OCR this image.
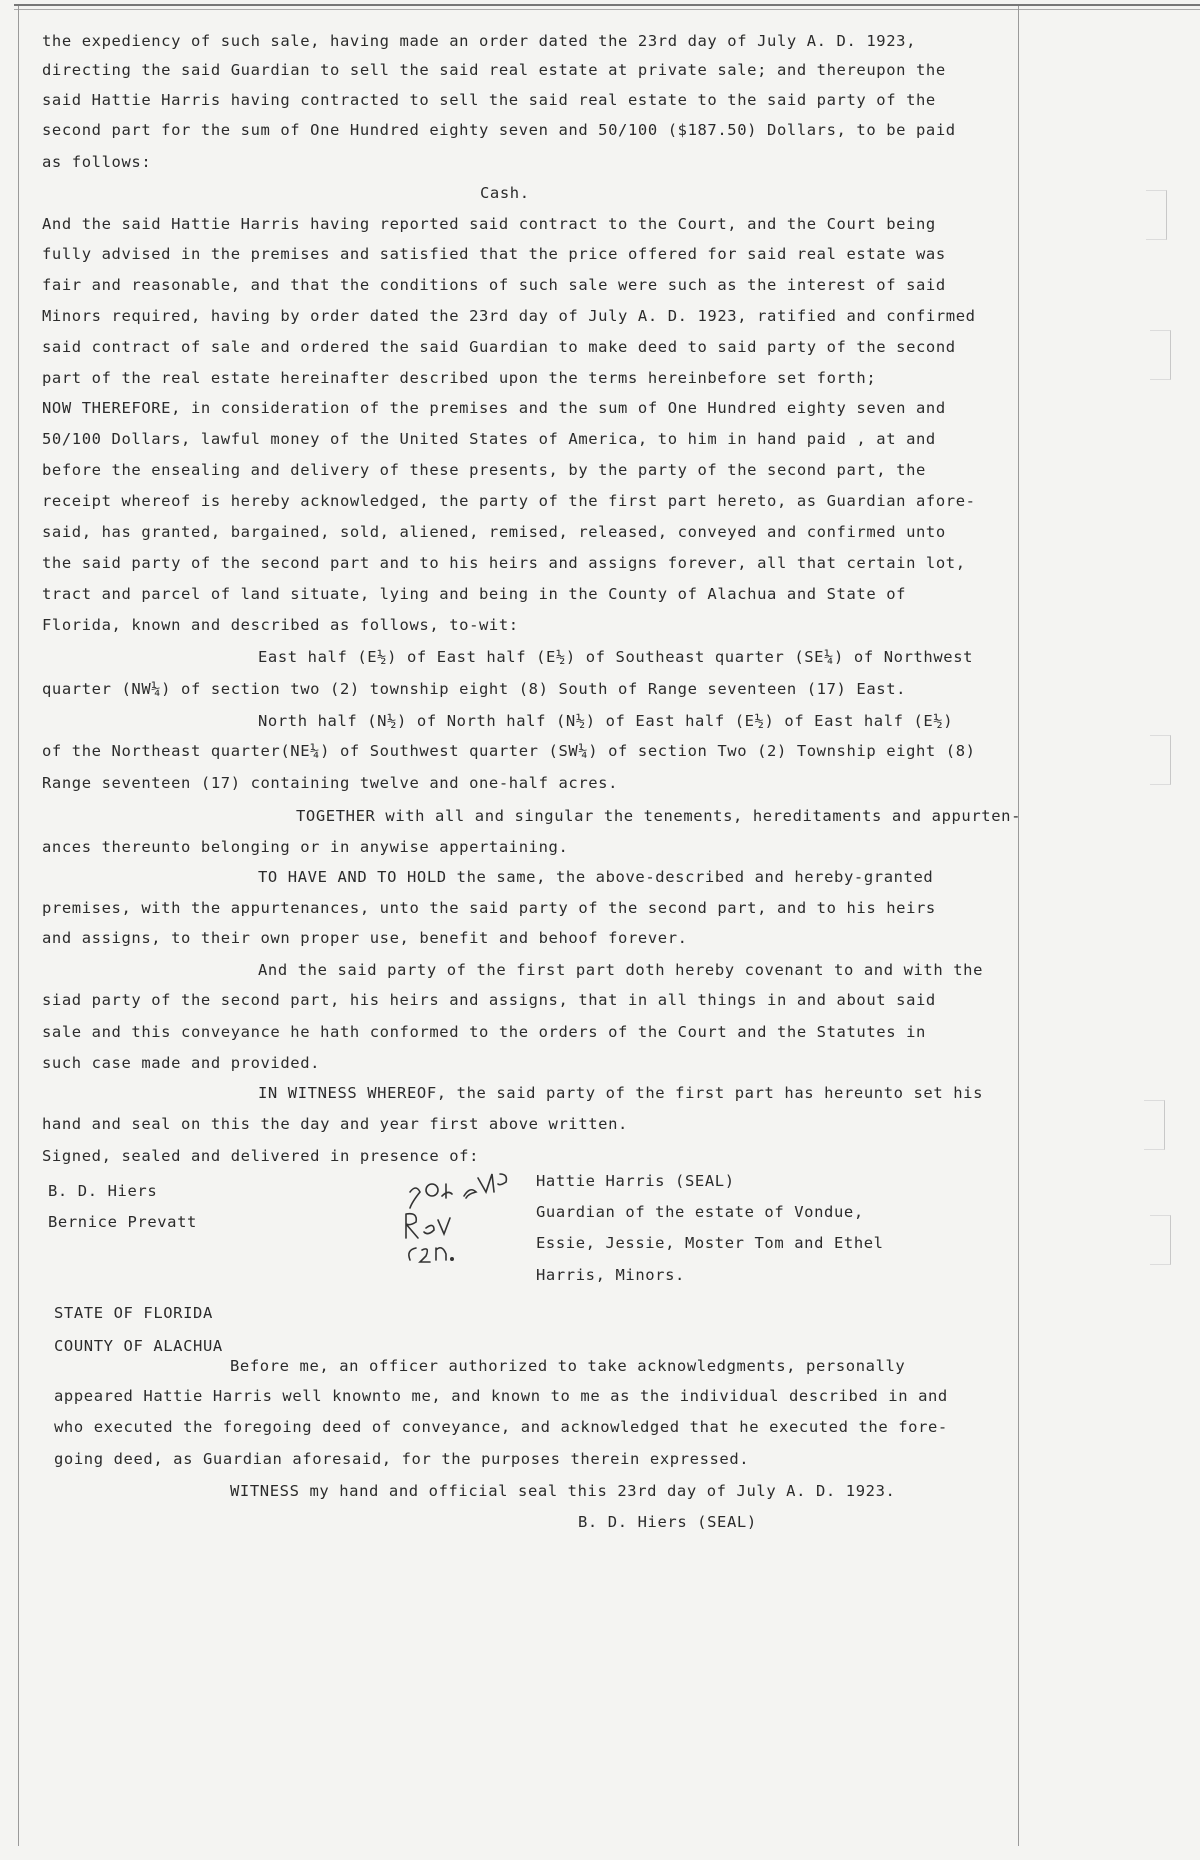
the expediency of such sale, having made an order dated the 23rd day of July A. D. 1923,

directing the said Guardian to sell the said real estate at private sale; and thereupon the

said Hattie Harris having contracted to sell the said real estate to the said party of the

second part for the sum of One Hundred eighty seven and 50/100 ($187.50) Dollars, to be paid

as follows:

Cash.

And the said Hattie Harris having reported said contract to the Court, and the Court being

fully advised in the premises and satisfied that the price offered for said real estate was

fair and reasonable, and that the conditions of such sale were such as the interest of said

Minors required, having by order dated the 23rd day of July A. D. 1923, ratified and confirmed

said contract of sale and ordered the said Guardian to make deed to said party of the second

part of the real estate hereinafter described upon the terms hereinbefore set forth;

NOW THEREFORE, in consideration of the premises and the sum of One Hundred eighty seven and

50/100 Dollars, lawful money of the United States of America, to him in hand paid , at and

before the ensealing and delivery of these presents, by the party of the second part, the

receipt whereof is hereby acknowledged, the party of the first part hereto, as Guardian afore-

said, has granted, bargained, sold, aliened, remised, released, conveyed and confirmed unto

the said party of the second part and to his heirs and assigns forever, all that certain lot,

tract and parcel of land situate, lying and being in the County of Alachua and State of

Florida, known and described as follows, to-wit:

East half (E½) of East half (E½) of Southeast quarter (SE¼) of Northwest

quarter (NW¼) of section two (2) township eight (8) South of Range seventeen (17) East.

North half (N½) of North half (N½) of East half (E½) of East half (E½)

of the Northeast quarter(NE¼) of Southwest quarter (SW¼) of section Two (2) Township eight (8)

Range seventeen (17) containing twelve and one-half acres.

TOGETHER with all and singular the tenements, hereditaments and appurten-

ances thereunto belonging or in anywise appertaining.

TO HAVE AND TO HOLD the same, the above-described and hereby-granted

premises, with the appurtenances, unto the said party of the second part, and to his heirs

and assigns, to their own proper use, benefit and behoof forever.

And the said party of the first part doth hereby covenant to and with the

siad party of the second part, his heirs and assigns, that in all things in and about said

sale and this conveyance he hath conformed to the orders of the Court and the Statutes in

such case made and provided.

IN WITNESS WHEREOF, the said party of the first part has hereunto set his

hand and seal on this the day and year first above written.

Signed, sealed and delivered in presence of:

B. D. Hiers

Bernice Prevatt

Hattie Harris (SEAL)

Guardian of the estate of Vondue,

Essie, Jessie, Moster Tom and Ethel

Harris, Minors.

STATE OF FLORIDA

COUNTY OF ALACHUA

Before me, an officer authorized to take acknowledgments, personally

appeared Hattie Harris well knownto me, and known to me as the individual described in and

who executed the foregoing deed of conveyance, and acknowledged that he executed the fore-

going deed, as Guardian aforesaid, for the purposes therein expressed.

WITNESS my hand and official seal this 23rd day of July A. D. 1923.

B. D. Hiers (SEAL)
